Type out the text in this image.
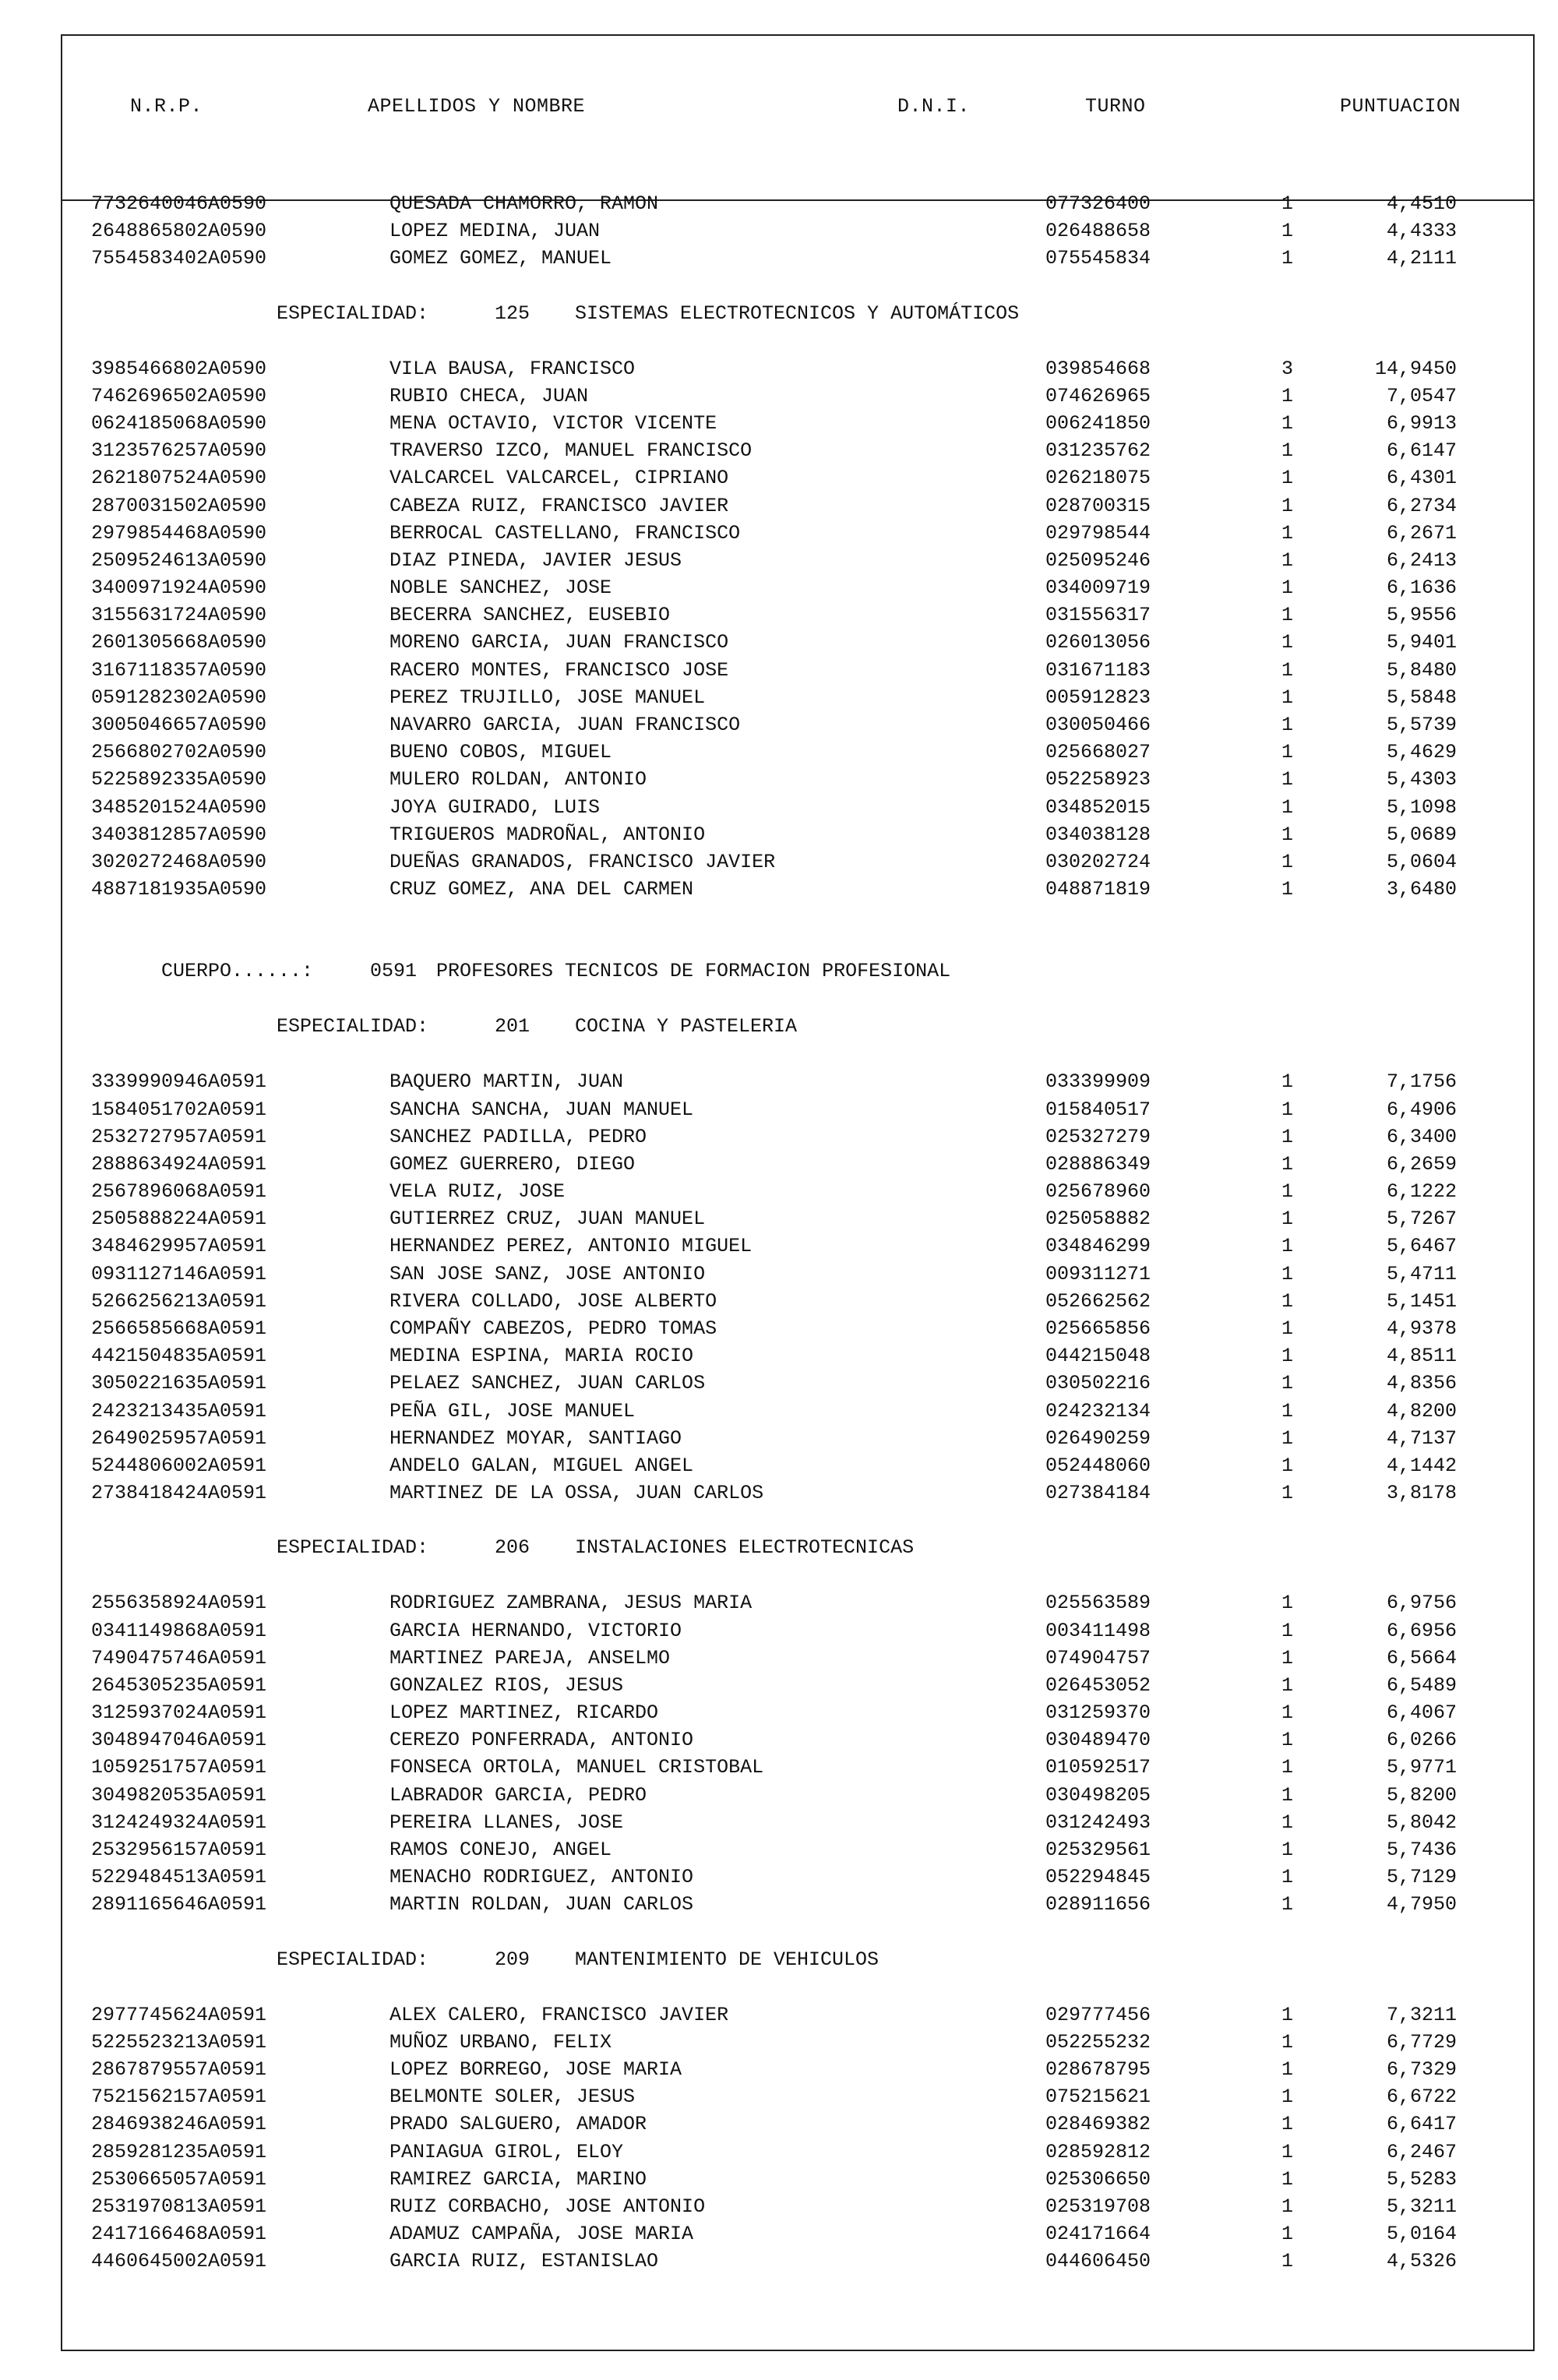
N.R.P.	APELLIDOS Y NOMBRE	D.N.I.	TURNO	PUNTUACION
7732640046A0590	QUESADA CHAMORRO, RAMON	077326400	1	4,4510
2648865802A0590	LOPEZ MEDINA, JUAN	026488658	1	4,4333
7554583402A0590	GOMEZ GOMEZ, MANUEL	075545834	1	4,2111
ESPECIALIDAD:	125 SISTEMAS ELECTROTECNICOS Y AUTOMÁTICOS
3985466802A0590	VILA BAUSA, FRANCISCO	039854668	3	14,9450
7462696502A0590	RUBIO CHECA, JUAN	074626965	1	7,0547
0624185068A0590	MENA OCTAVIO, VICTOR VICENTE	006241850	1	6,9913
3123576257A0590	TRAVERSO IZCO, MANUEL FRANCISCO	031235762	1	6,6147
2621807524A0590	VALCARCEL VALCARCEL, CIPRIANO	026218075	1	6,4301
2870031502A0590	CABEZA RUIZ, FRANCISCO JAVIER	028700315	1	6,2734
2979854468A0590	BERROCAL CASTELLANO, FRANCISCO	029798544	1	6,2671
2509524613A0590	DIAZ PINEDA, JAVIER JESUS	025095246	1	6,2413
3400971924A0590	NOBLE SANCHEZ, JOSE	034009719	1	6,1636
3155631724A0590	BECERRA SANCHEZ, EUSEBIO	031556317	1	5,9556
2601305668A0590	MORENO GARCIA, JUAN FRANCISCO	026013056	1	5,9401
3167118357A0590	RACERO MONTES, FRANCISCO JOSE	031671183	1	5,8480
0591282302A0590	PEREZ TRUJILLO, JOSE MANUEL	005912823	1	5,5848
3005046657A0590	NAVARRO GARCIA, JUAN FRANCISCO	030050466	1	5,5739
2566802702A0590	BUENO COBOS, MIGUEL	025668027	1	5,4629
5225892335A0590	MULERO ROLDAN, ANTONIO	052258923	1	5,4303
3485201524A0590	JOYA GUIRADO, LUIS	034852015	1	5,1098
3403812857A0590	TRIGUEROS MADROÑAL, ANTONIO	034038128	1	5,0689
3020272468A0590	DUEÑAS GRANADOS, FRANCISCO JAVIER	030202724	1	5,0604
4887181935A0590	CRUZ GOMEZ, ANA DEL CARMEN	048871819	1	3,6480
CUERPO......:	0591 PROFESORES TECNICOS DE FORMACION PROFESIONAL
ESPECIALIDAD:	201 COCINA Y PASTELERIA
3339990946A0591	BAQUERO MARTIN, JUAN	033399909	1	7,1756
1584051702A0591	SANCHA SANCHA, JUAN MANUEL	015840517	1	6,4906
2532727957A0591	SANCHEZ PADILLA, PEDRO	025327279	1	6,3400
2888634924A0591	GOMEZ GUERRERO, DIEGO	028886349	1	6,2659
2567896068A0591	VELA RUIZ, JOSE	025678960	1	6,1222
2505888224A0591	GUTIERREZ CRUZ, JUAN MANUEL	025058882	1	5,7267
3484629957A0591	HERNANDEZ PEREZ, ANTONIO MIGUEL	034846299	1	5,6467
0931127146A0591	SAN JOSE SANZ, JOSE ANTONIO	009311271	1	5,4711
5266256213A0591	RIVERA COLLADO, JOSE ALBERTO	052662562	1	5,1451
2566585668A0591	COMPAÑY CABEZOS, PEDRO TOMAS	025665856	1	4,9378
4421504835A0591	MEDINA ESPINA, MARIA ROCIO	044215048	1	4,8511
3050221635A0591	PELAEZ SANCHEZ, JUAN CARLOS	030502216	1	4,8356
2423213435A0591	PEÑA GIL, JOSE MANUEL	024232134	1	4,8200
2649025957A0591	HERNANDEZ MOYAR, SANTIAGO	026490259	1	4,7137
5244806002A0591	ANDELO GALAN, MIGUEL ANGEL	052448060	1	4,1442
2738418424A0591	MARTINEZ DE LA OSSA, JUAN CARLOS	027384184	1	3,8178
ESPECIALIDAD:	206 INSTALACIONES ELECTROTECNICAS
2556358924A0591	RODRIGUEZ ZAMBRANA, JESUS MARIA	025563589	1	6,9756
0341149868A0591	GARCIA HERNANDO, VICTORIO	003411498	1	6,6956
7490475746A0591	MARTINEZ PAREJA, ANSELMO	074904757	1	6,5664
2645305235A0591	GONZALEZ RIOS, JESUS	026453052	1	6,5489
3125937024A0591	LOPEZ MARTINEZ, RICARDO	031259370	1	6,4067
3048947046A0591	CEREZO PONFERRADA, ANTONIO	030489470	1	6,0266
1059251757A0591	FONSECA ORTOLA, MANUEL CRISTOBAL	010592517	1	5,9771
3049820535A0591	LABRADOR GARCIA, PEDRO	030498205	1	5,8200
3124249324A0591	PEREIRA LLANES, JOSE	031242493	1	5,8042
2532956157A0591	RAMOS CONEJO, ANGEL	025329561	1	5,7436
5229484513A0591	MENACHO RODRIGUEZ, ANTONIO	052294845	1	5,7129
2891165646A0591	MARTIN ROLDAN, JUAN CARLOS	028911656	1	4,7950
ESPECIALIDAD:	209 MANTENIMIENTO DE VEHICULOS
2977745624A0591	ALEX CALERO, FRANCISCO JAVIER	029777456	1	7,3211
5225523213A0591	MUÑOZ URBANO, FELIX	052255232	1	6,7729
2867879557A0591	LOPEZ BORREGO, JOSE MARIA	028678795	1	6,7329
7521562157A0591	BELMONTE SOLER, JESUS	075215621	1	6,6722
2846938246A0591	PRADO SALGUERO, AMADOR	028469382	1	6,6417
2859281235A0591	PANIAGUA GIROL, ELOY	028592812	1	6,2467
2530665057A0591	RAMIREZ GARCIA, MARINO	025306650	1	5,5283
2531970813A0591	RUIZ CORBACHO, JOSE ANTONIO	025319708	1	5,3211
2417166468A0591	ADAMUZ CAMPAÑA, JOSE MARIA	024171664	1	5,0164
4460645002A0591	GARCIA RUIZ, ESTANISLAO	044606450	1	4,5326
